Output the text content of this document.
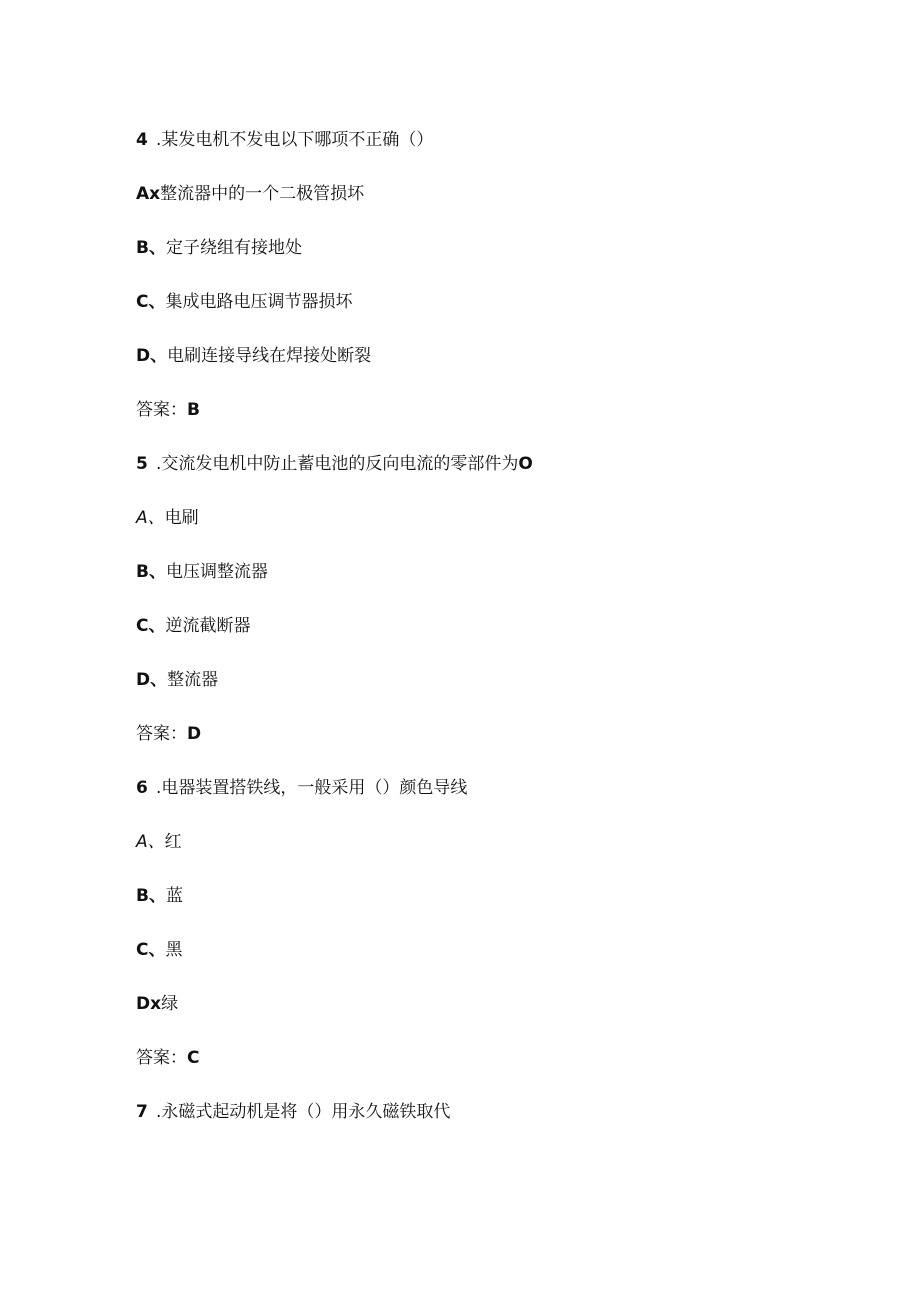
4 .某发电机不发电以下哪项不正确（）
Ax整流器中的一个二极管损坏
B、定子绕组有接地处
C、集成电路电压调节器损坏
D、电刷连接导线在焊接处断裂
答案：B
5 .交流发电机中防止蓄电池的反向电流的零部件为O
A、电刷
B、电压调整流器
C、逆流截断器
D、整流器
答案：D
6 .电器装置搭铁线，一般采用（）颜色导线
A、红
B、蓝
C、黑
Dx绿
答案：C
7 .永磁式起动机是将（）用永久磁铁取代
